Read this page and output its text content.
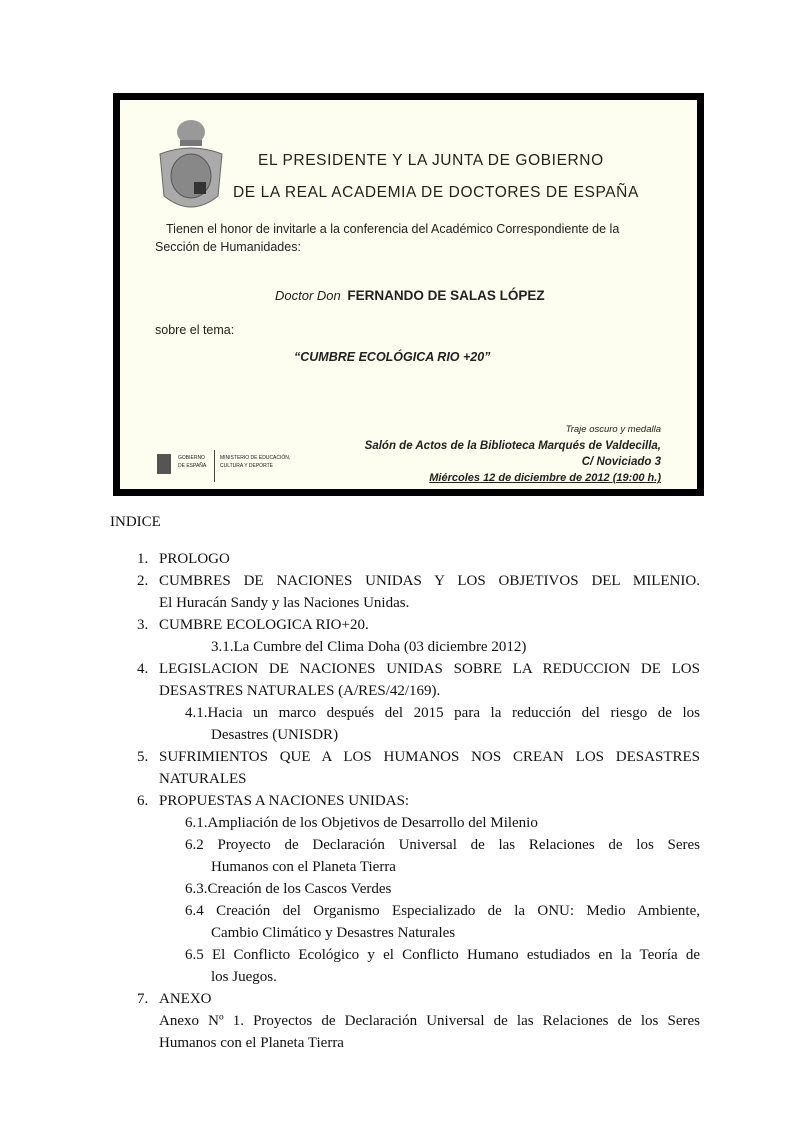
EL PRESIDENTE Y LA JUNTA DE GOBIERNO
DE LA REAL ACADEMIA DE DOCTORES DE ESPAÑA
Tienen el honor de invitarle a la conferencia del Académico Correspondiente de la
Sección de Humanidades:
Doctor Don FERNANDO DE SALAS LÓPEZ
sobre el tema:
“CUMBRE ECOLÓGICA RIO +20”
Traje oscuro y medalla
Salón de Actos de la Biblioteca Marqués de Valdecilla,
C/ Noviciado 3
Miércoles 12 de diciembre de 2012 (19:00 h.)
GOBIERNO DE ESPAÑA
MINISTERIO DE EDUCACIÓN, CULTURA Y DEPORTE
INDICE
1. PROLOGO
2. CUMBRES DE NACIONES UNIDAS Y LOS OBJETIVOS DEL MILENIO.
El Huracán Sandy y las Naciones Unidas.
3. CUMBRE ECOLOGICA RIO+20.
3.1.La Cumbre del Clima Doha (03 diciembre 2012)
4. LEGISLACION DE NACIONES UNIDAS SOBRE LA REDUCCION DE LOS
DESASTRES NATURALES (A/RES/42/169).
4.1.Hacia un marco después del 2015 para la reducción del riesgo de los
Desastres (UNISDR)
5. SUFRIMIENTOS QUE A LOS HUMANOS NOS CREAN LOS DESASTRES
NATURALES
6. PROPUESTAS A NACIONES UNIDAS:
6.1.Ampliación de los Objetivos de Desarrollo del Milenio
6.2 Proyecto de Declaración Universal de las Relaciones de los Seres
Humanos con el Planeta Tierra
6.3.Creación de los Cascos Verdes
6.4 Creación del Organismo Especializado de la ONU: Medio Ambiente,
Cambio Climático y Desastres Naturales
6.5 El Conflicto Ecológico y el Conflicto Humano estudiados en la Teoría de
los Juegos.
7. ANEXO
Anexo Nº 1. Proyectos de Declaración Universal de las Relaciones de los Seres
Humanos con el Planeta Tierra
